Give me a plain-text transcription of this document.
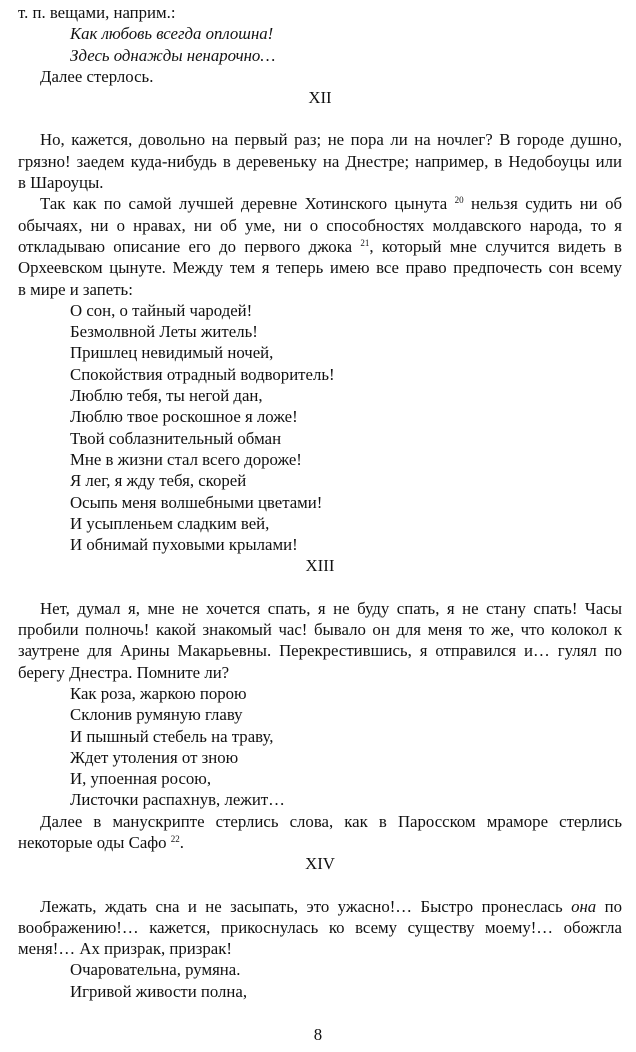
т. п. вещами, наприм.:
Как любовь всегда оплошна!
Здесь однажды ненарочно…
Далее стерлось.
XII
Но, кажется, довольно на первый раз; не пора ли на ночлег? В городе душно,
грязно! заедем куда-нибудь в деревеньку на Днестре; например, в Недобоуцы или
в Шароуцы.
Так как по самой лучшей деревне Хотинского цынута $^{20}$ нельзя судить ни об
обычаях, ни о нравах, ни об уме, ни о способностях молдавского народа, то я
откладываю описание его до первого джока $^{21}$, который мне случится видеть в
Орхеевском цынуте. Между тем я теперь имею все право предпочесть сон всему
в мире и запеть:
О сон, о тайный чародей!
Безмолвной Леты житель!
Пришлец невидимый ночей,
Спокойствия отрадный водворитель!
Люблю тебя, ты негой дан,
Люблю твое роскошное я ложе!
Твой соблазнительный обман
Мне в жизни стал всего дороже!
Я лег, я жду тебя, скорей
Осыпь меня волшебными цветами!
И усыпленьем сладким вей,
И обнимай пуховыми крылами!
XIII
Нет, думал я, мне не хочется спать, я не буду спать, я не стану спать! Часы
пробили полночь! какой знакомый час! бывало он для меня то же, что колокол к
заутрене для Арины Макарьевны. Перекрестившись, я отправился и… гулял по
берегу Днестра. Помните ли?
Как роза, жаркою порою
Склонив румяную главу
И пышный стебель на траву,
Ждет утоления от зною
И, упоенная росою,
Листочки распахнув, лежит…
Далее в манускрипте стерлись слова, как в Паросском мраморе стерлись
некоторые оды Сафо $^{22}$.
XIV
Лежать, ждать сна и не засыпать, это ужасно!… Быстро пронеслась она по
воображению!… кажется, прикоснулась ко всему существу моему!… обожгла
меня!… Ах призрак, призрак!
Очаровательна, румяна.
Игривой живости полна,
8
